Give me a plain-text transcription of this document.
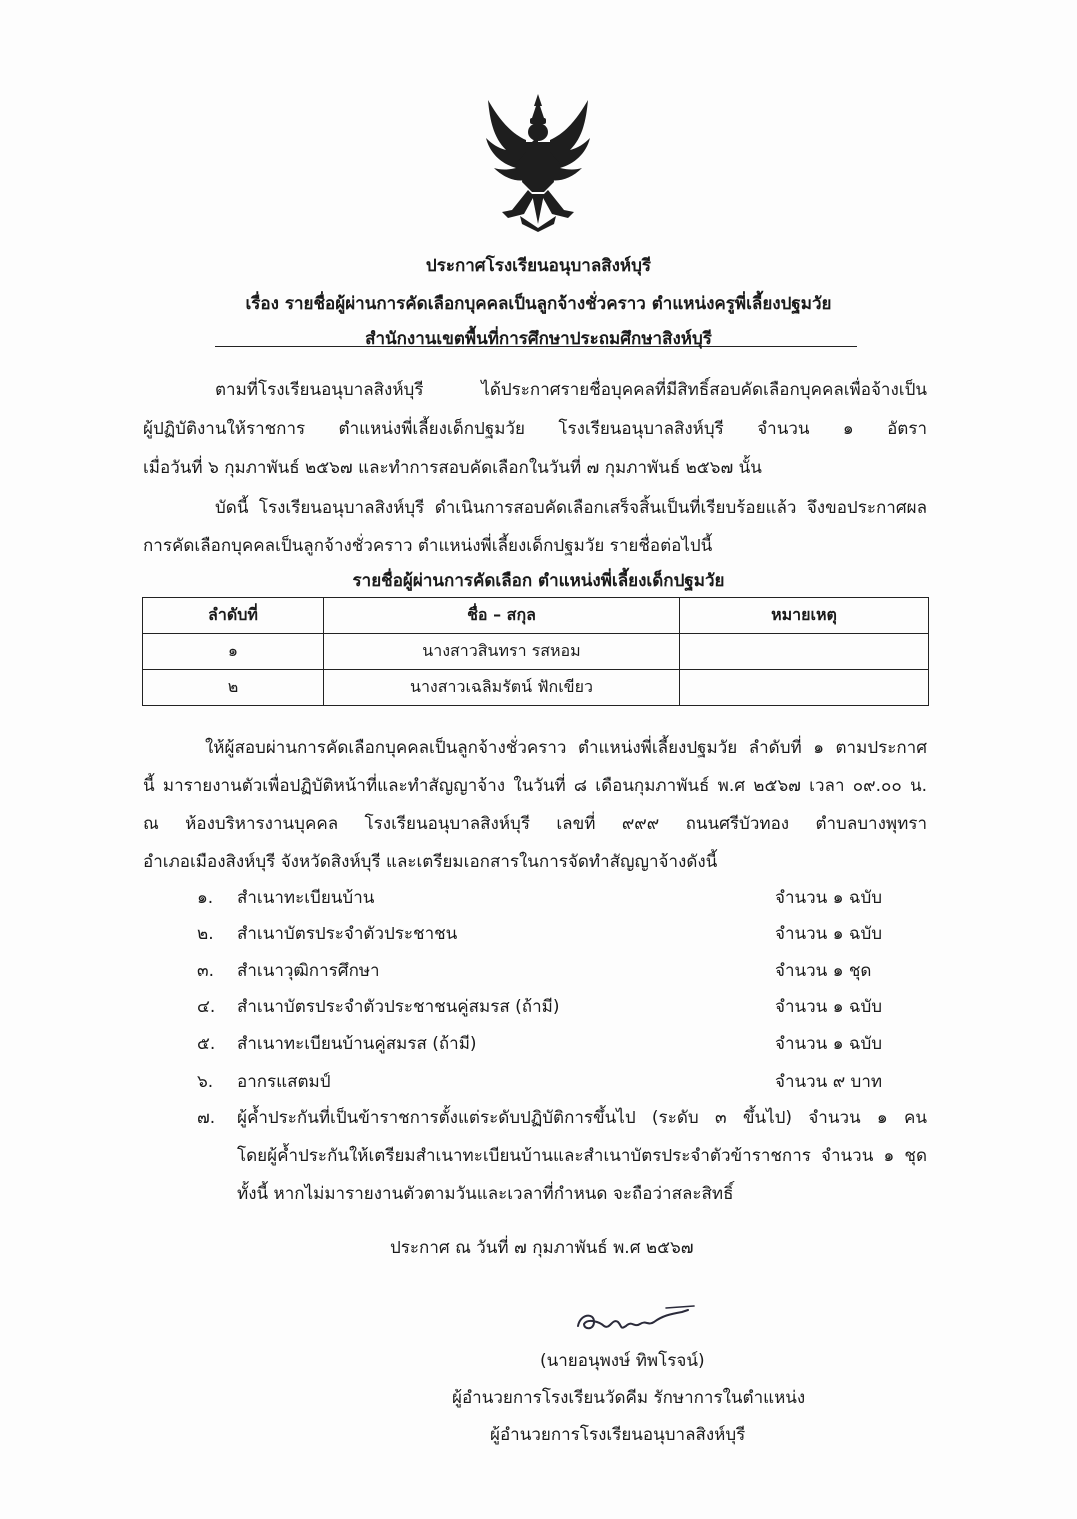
ประกาศโรงเรียนอนุบาลสิงห์บุรี
เรื่อง รายชื่อผู้ผ่านการคัดเลือกบุคคลเป็นลูกจ้างชั่วคราว ตำแหน่งครูพี่เลี้ยงปฐมวัย
สำนักงานเขตพื้นที่การศึกษาประถมศึกษาสิงห์บุรี
ตามที่โรงเรียนอนุบาลสิงห์บุรี ได้ประกาศรายชื่อบุคคลที่มีสิทธิ์สอบคัดเลือกบุคคลเพื่อจ้างเป็น
ผู้ปฏิบัติงานให้ราชการ ตำแหน่งพี่เลี้ยงเด็กปฐมวัย โรงเรียนอนุบาลสิงห์บุรี จำนวน ๑ อัตรา
เมื่อวันที่ ๖ กุมภาพันธ์ ๒๕๖๗ และทำการสอบคัดเลือกในวันที่ ๗ กุมภาพันธ์ ๒๕๖๗ นั้น
บัดนี้ โรงเรียนอนุบาลสิงห์บุรี ดำเนินการสอบคัดเลือกเสร็จสิ้นเป็นที่เรียบร้อยแล้ว จึงขอประกาศผล
การคัดเลือกบุคคลเป็นลูกจ้างชั่วคราว ตำแหน่งพี่เลี้ยงเด็กปฐมวัย รายชื่อต่อไปนี้
รายชื่อผู้ผ่านการคัดเลือก ตำแหน่งพี่เลี้ยงเด็กปฐมวัย
ลำดับที่	ชื่อ – สกุล	หมายเหตุ
๑	นางสาวสินทรา รสหอม	
๒	นางสาวเฉลิมรัตน์ ฟักเขียว	
ให้ผู้สอบผ่านการคัดเลือกบุคคลเป็นลูกจ้างชั่วคราว ตำแหน่งพี่เลี้ยงปฐมวัย ลำดับที่ ๑ ตามประกาศ
นี้ มารายงานตัวเพื่อปฏิบัติหน้าที่และทำสัญญาจ้าง ในวันที่ ๘ เดือนกุมภาพันธ์ พ.ศ ๒๕๖๗ เวลา ๐๙.๐๐ น.
ณ ห้องบริหารงานบุคคล โรงเรียนอนุบาลสิงห์บุรี เลขที่ ๙๙๙ ถนนศรีบัวทอง ตำบลบางพุทรา
อำเภอเมืองสิงห์บุรี จังหวัดสิงห์บุรี และเตรียมเอกสารในการจัดทำสัญญาจ้างดังนี้
๑. สำเนาทะเบียนบ้าน	จำนวน ๑ ฉบับ
๒. สำเนาบัตรประจำตัวประชาชน	จำนวน ๑ ฉบับ
๓. สำเนาวุฒิการศึกษา	จำนวน ๑ ชุด
๔. สำเนาบัตรประจำตัวประชาชนคู่สมรส (ถ้ามี)	จำนวน ๑ ฉบับ
๕. สำเนาทะเบียนบ้านคู่สมรส (ถ้ามี)	จำนวน ๑ ฉบับ
๖. อากรแสตมป์	จำนวน ๙ บาท
๗. ผู้ค้ำประกันที่เป็นข้าราชการตั้งแต่ระดับปฏิบัติการขึ้นไป (ระดับ ๓ ขึ้นไป) จำนวน ๑ คน
โดยผู้ค้ำประกันให้เตรียมสำเนาทะเบียนบ้านและสำเนาบัตรประจำตัวข้าราชการ จำนวน ๑ ชุด
ทั้งนี้ หากไม่มารายงานตัวตามวันและเวลาที่กำหนด จะถือว่าสละสิทธิ์
ประกาศ ณ วันที่ ๗ กุมภาพันธ์ พ.ศ ๒๕๖๗
(นายอนุพงษ์ ทิพโรจน์)
ผู้อำนวยการโรงเรียนวัดคีม รักษาการในตำแหน่ง
ผู้อำนวยการโรงเรียนอนุบาลสิงห์บุรี
